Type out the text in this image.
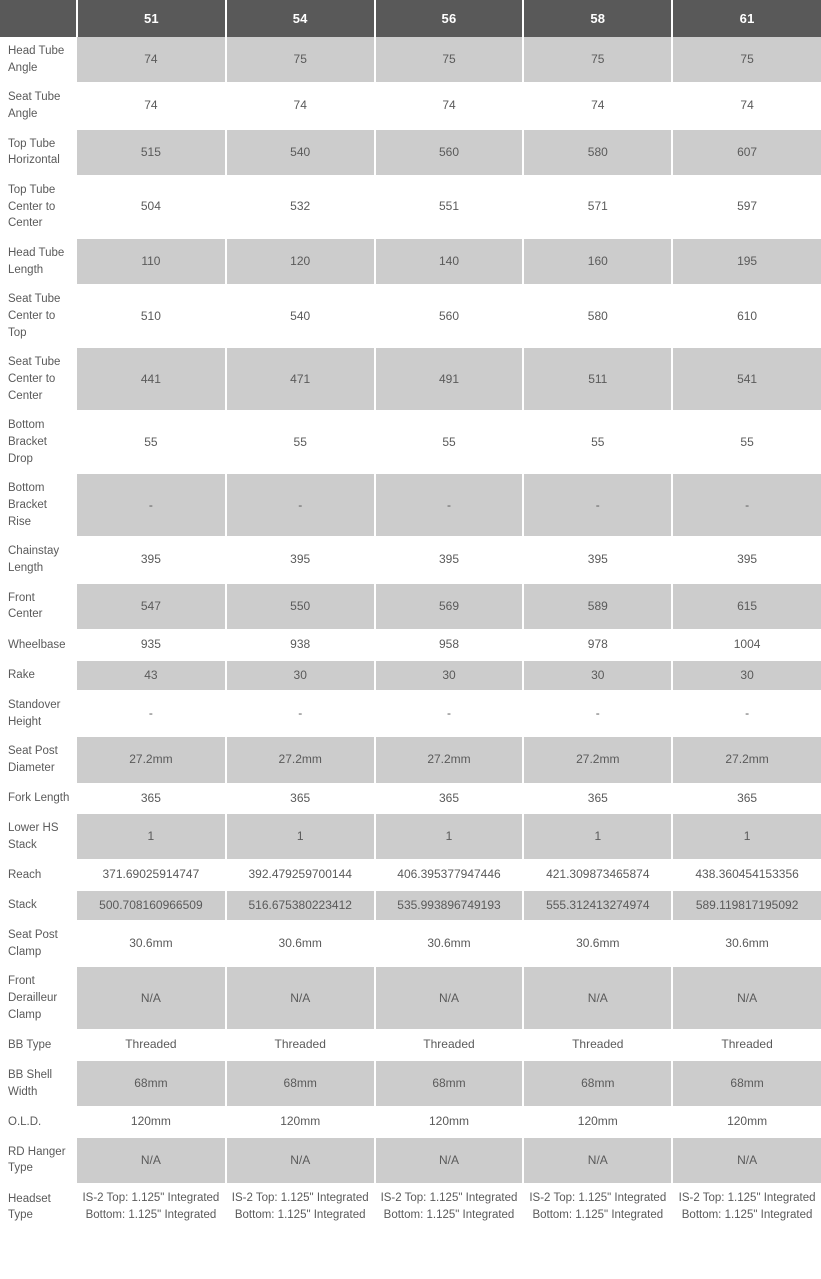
	51	54	56	58	61
Head Tube Angle	74	75	75	75	75
Seat Tube Angle	74	74	74	74	74
Top Tube Horizontal	515	540	560	580	607
Top Tube Center to Center	504	532	551	571	597
Head Tube Length	110	120	140	160	195
Seat Tube Center to Top	510	540	560	580	610
Seat Tube Center to Center	441	471	491	511	541
Bottom Bracket Drop	55	55	55	55	55
Bottom Bracket Rise	-	-	-	-	-
Chainstay Length	395	395	395	395	395
Front Center	547	550	569	589	615
Wheelbase	935	938	958	978	1004
Rake	43	30	30	30	30
Standover Height	-	-	-	-	-
Seat Post Diameter	27.2mm	27.2mm	27.2mm	27.2mm	27.2mm
Fork Length	365	365	365	365	365
Lower HS Stack	1	1	1	1	1
Reach	371.69025914747	392.479259700144	406.395377947446	421.309873465874	438.360454153356
Stack	500.708160966509	516.675380223412	535.993896749193	555.312413274974	589.119817195092
Seat Post Clamp	30.6mm	30.6mm	30.6mm	30.6mm	30.6mm
Front Derailleur Clamp	N/A	N/A	N/A	N/A	N/A
BB Type	Threaded	Threaded	Threaded	Threaded	Threaded
BB Shell Width	68mm	68mm	68mm	68mm	68mm
O.L.D.	120mm	120mm	120mm	120mm	120mm
RD Hanger Type	N/A	N/A	N/A	N/A	N/A
Headset Type	IS-2 Top: 1.125" Integrated Bottom: 1.125" Integrated	IS-2 Top: 1.125" Integrated Bottom: 1.125" Integrated	IS-2 Top: 1.125" Integrated Bottom: 1.125" Integrated	IS-2 Top: 1.125" Integrated Bottom: 1.125" Integrated	IS-2 Top: 1.125" Integrated Bottom: 1.125" Integrated
